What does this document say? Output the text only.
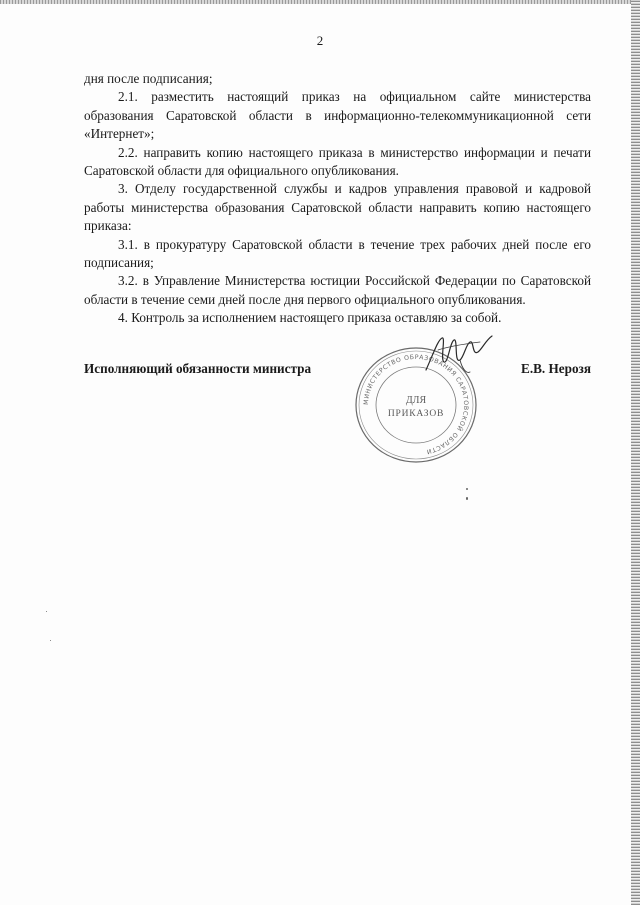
2

дня после подписания;

2.1. разместить настоящий приказ на официальном сайте министерства образования Саратовской области в информационно-телекоммуникационной сети «Интернет»;

2.2. направить копию настоящего приказа в министерство информации и печати Саратовской области для официального опубликования.

3. Отделу государственной службы и кадров управления правовой и кадровой работы министерства образования Саратовской области направить копию настоящего приказа:

3.1. в прокуратуру Саратовской области в течение трех рабочих дней после его подписания;

3.2. в Управление Министерства юстиции Российской Федерации по Саратовской области в течение семи дней после дня первого официального опубликования.

4. Контроль за исполнением настоящего приказа оставляю за собой.

Исполняющий обязанности министра	Е.В. Нерозя
МИНИСТЕРСТВО ОБРАЗОВАНИЯ САРАТОВСКОЙ ОБЛАСТИ
ДЛЯ
ПРИКАЗОВ
